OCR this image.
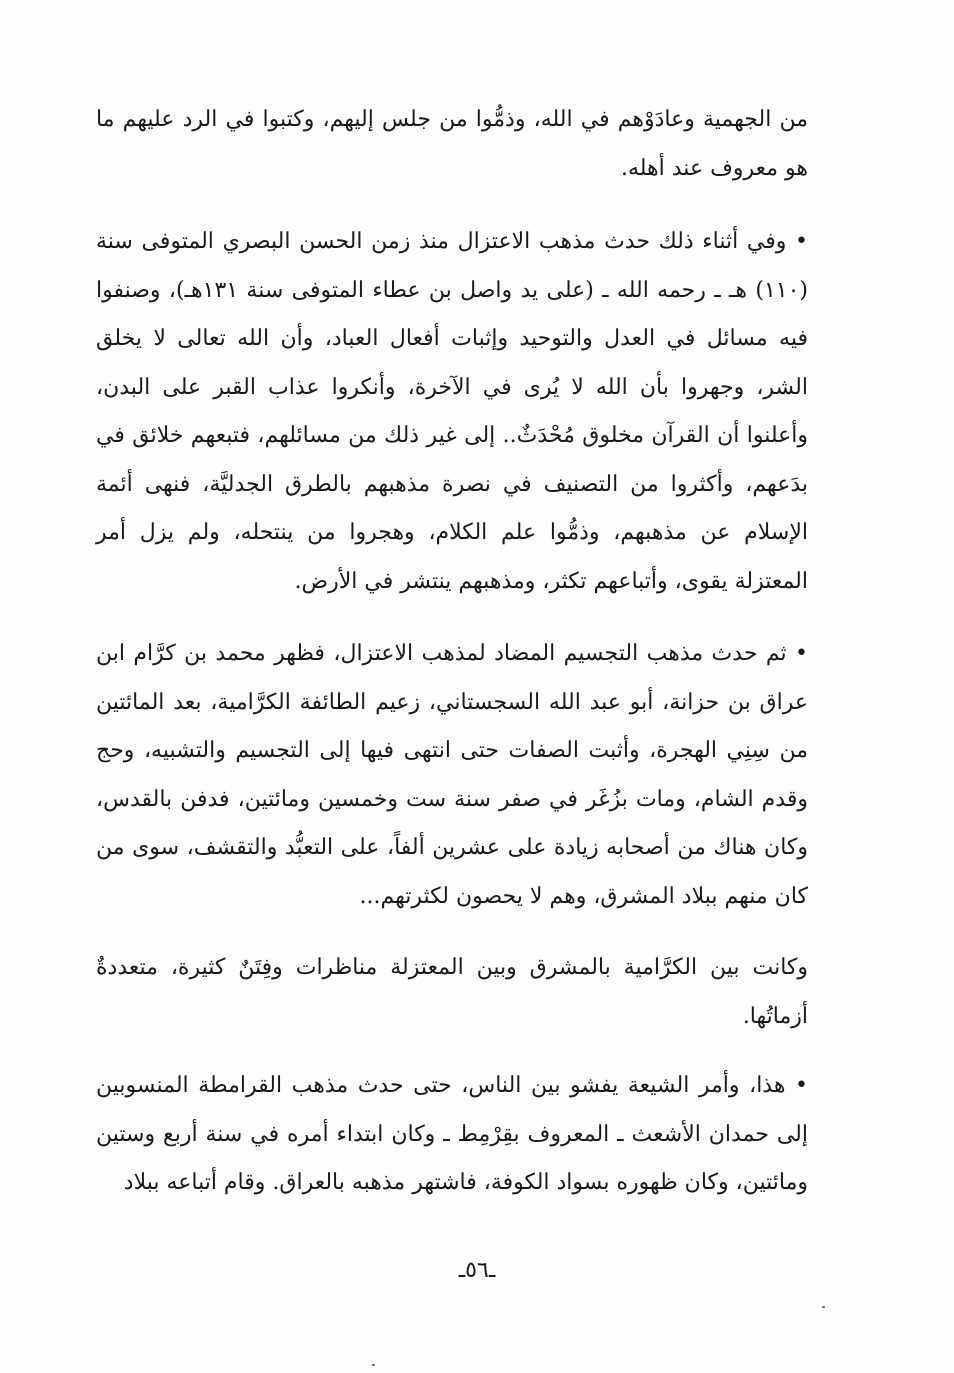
من الجهمية وعادَوْهم في الله، وذمُّوا من جلس إليهم، وكتبوا في الرد عليهم ما هو معروف عند أهله.

• وفي أثناء ذلك حدث مذهب الاعتزال منذ زمن الحسن البصري المتوفى سنة (١١٠) هـ ـ رحمه الله ـ (على يد واصل بن عطاء المتوفى سنة ١٣١هـ)، وصنفوا فيه مسائل في العدل والتوحيد وإثبات أفعال العباد، وأن الله تعالى لا يخلق الشر، وجهروا بأن الله لا يُرى في الآخرة، وأنكروا عذاب القبر على البدن، وأعلنوا أن القرآن مخلوق مُحْدَثٌ.. إلى غير ذلك من مسائلهم، فتبعهم خلائق في بدَعهم، وأكثروا من التصنيف في نصرة مذهبهم بالطرق الجدليَّة، فنهى أئمة الإسلام عن مذهبهم، وذمُّوا علم الكلام، وهجروا من ينتحله، ولم يزل أمر المعتزلة يقوى، وأتباعهم تكثر، ومذهبهم ينتشر في الأرض.

• ثم حدث مذهب التجسيم المضاد لمذهب الاعتزال، فظهر محمد بن كرَّام ابن عراق بن حزانة، أبو عبد الله السجستاني، زعيم الطائفة الكرَّامية، بعد المائتين من سِنِي الهجرة، وأثبت الصفات حتى انتهى فيها إلى التجسيم والتشبيه، وحج وقدم الشام، ومات بزُغَر في صفر سنة ست وخمسين ومائتين، فدفن بالقدس، وكان هناك من أصحابه زيادة على عشرين ألفاً، على التعبُّد والتقشف، سوى من كان منهم ببلاد المشرق، وهم لا يحصون لكثرتهم...

وكانت بين الكرَّامية بالمشرق وبين المعتزلة مناظرات وفِتَنٌ كثيرة، متعددةٌ أزماتُها.

• هذا، وأمر الشيعة يفشو بين الناس، حتى حدث مذهب القرامطة المنسوبين إلى حمدان الأشعث ـ المعروف بقِرْمِط ـ وكان ابتداء أمره في سنة أربع وستين ومائتين، وكان ظهوره بسواد الكوفة، فاشتهر مذهبه بالعراق. وقام أتباعه ببلاد

ـ٥٦ـ
